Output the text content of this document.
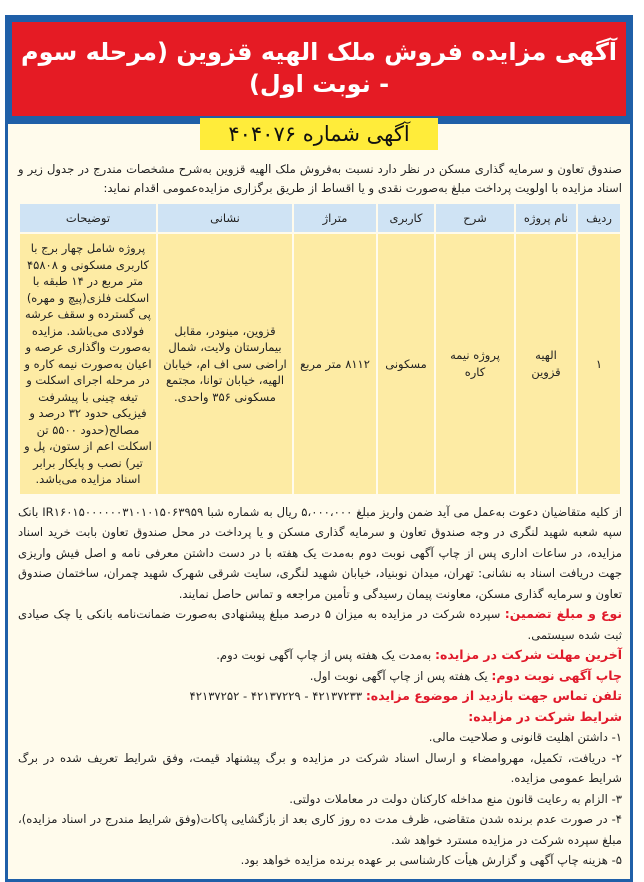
آگهی مزایده فروش ملک الهیه قزوین (مرحله سوم - نوبت اول)
آگهی شماره ۴۰۴۰۷۶
صندوق تعاون و سرمایه گذاری مسکن در نظر دارد نسبت به‌فروش ملک الهیه قزوین به‌شرح مشخصات مندرج در جدول زیر و اسناد مزایده با اولویت پرداخت مبلغ به‌صورت نقدی و یا اقساط از طریق برگزاری مزایده‌عمومی اقدام نماید:
ردیف	نام پروژه	شرح	کاربری	متراژ	نشانی	توضیحات
۱	الهیه قزوین	پروژه نیمه کاره	مسکونی	۸۱۱۲ متر مربع	قزوین، مینودر، مقابل بیمارستان ولایت، شمال اراضی سی اف ام، خیابان الهیه، خیابان توانا، مجتمع مسکونی ۳۵۶ واحدی.	پروژه شامل چهار برج با کاربری مسکونی و ۴۵۸۰۸ متر مربع در ۱۴ طبقه با اسکلت فلزی(پیچ و مهره) پی گسترده و سقف عرشه فولادی می‌باشد. مزایده به‌صورت واگذاری عرصه و اعیان به‌صورت نیمه کاره و در مرحله اجرای اسکلت و تیغه چینی با پیشرفت فیزیکی حدود ۳۲ درصد و مصالح(حدود ۵۵۰۰ تن اسکلت اعم از ستون، پل و تیر) نصب و پایکار برابر اسناد مزایده می‌باشد.

از کلیه متقاضیان دعوت به‌عمل می آید ضمن واریز مبلغ ۵،۰۰۰،۰۰۰ ریال به شماره شبا IR۱۶۰۱۵۰۰۰۰۰۰۳۱۰۱۰۱۵۰۶۳۹۵۹ بانک سپه شعبه شهید لنگری در وجه صندوق تعاون و سرمایه گذاری مسکن و یا پرداخت در محل صندوق تعاون بابت خرید اسناد مزایده، در ساعات اداری پس از چاپ آگهی نوبت دوم به‌مدت یک هفته با در دست داشتن معرفی نامه و اصل فیش واریزی جهت دریافت اسناد به نشانی: تهران، میدان نوبنیاد، خیابان شهید لنگری، سایت شرقی شهرک شهید چمران، ساختمان صندوق تعاون و سرمایه گذاری مسکن، معاونت پیمان رسیدگی و تأمین مراجعه و تماس حاصل نمایند.

نوع و مبلغ تضمین: سپرده شرکت در مزایده به میزان ۵ درصد مبلغ پیشنهادی به‌صورت ضمانت‌نامه بانکی یا چک صیادی ثبت شده سیستمی.

آخرین مهلت شرکت در مزایده: به‌مدت یک هفته پس از چاپ آگهی نوبت دوم.

چاپ آگهی نوبت دوم: یک هفته پس از چاپ آگهی نوبت اول.

تلفن تماس جهت بازدید از موضوع مزایده: ۴۲۱۳۷۲۳۳ - ۴۲۱۳۷۲۲۹ - ۴۲۱۳۷۲۵۲

شرایط شرکت در مزایده:

۱- داشتن اهلیت قانونی و صلاحیت مالی.

۲- دریافت، تکمیل، مهروامضاء و ارسال اسناد شرکت در مزایده و برگ پیشنهاد قیمت، وفق شرایط تعریف شده در برگ شرایط عمومی مزایده.

۳- الزام به رعایت قانون منع مداخله کارکنان دولت در معاملات دولتی.

۴- در صورت عدم برنده شدن متقاضی، ظرف مدت ده روز کاری بعد از بازگشایی پاکات(وفق شرایط مندرج در اسناد مزایده)، مبلغ سپرده شرکت در مزایده مسترد خواهد شد.

۵- هزینه چاپ آگهی و گزارش هیأت کارشناسی بر عهده برنده مزایده خواهد بود.
